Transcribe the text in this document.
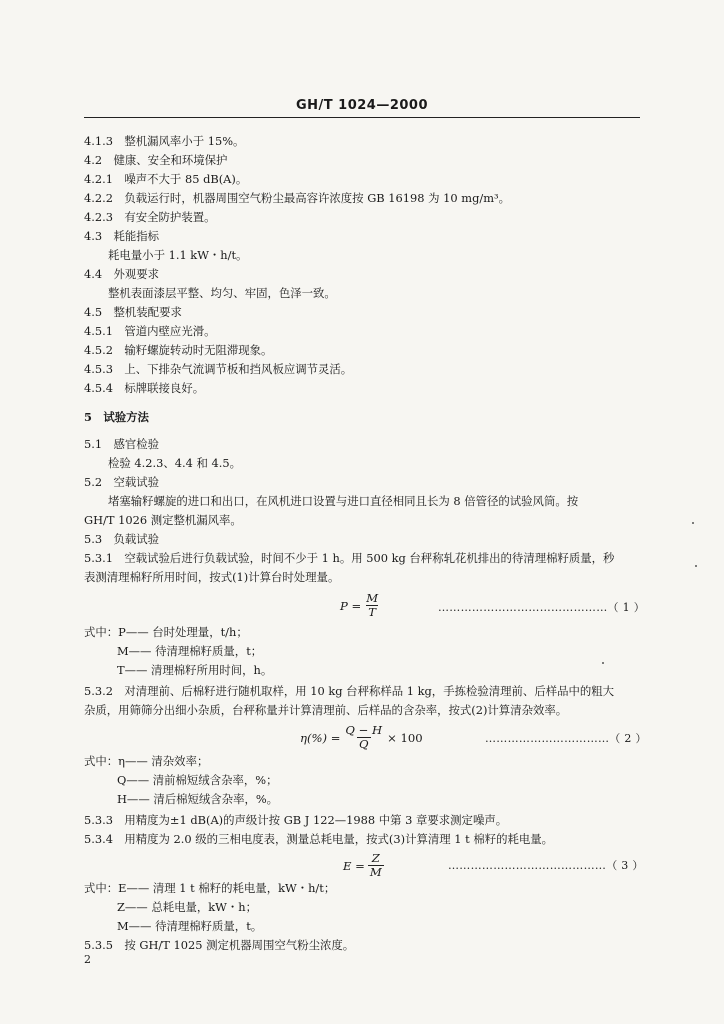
GH/T 1024—2000
4.1.3　整机漏风率小于 15%。
4.2　健康、安全和环境保护
4.2.1　噪声不大于 85 dB(A)。
4.2.2　负载运行时，机器周围空气粉尘最高容许浓度按 GB 16198 为 10 mg/m³。
4.2.3　有安全防护装置。
4.3　耗能指标
耗电量小于 1.1 kW・h/t。
4.4　外观要求
整机表面漆层平整、均匀、牢固，色泽一致。
4.5　整机装配要求
4.5.1　管道内壁应光滑。
4.5.2　输籽螺旋转动时无阻滞现象。
4.5.3　上、下排杂气流调节板和挡风板应调节灵活。
4.5.4　标牌联接良好。
5　试验方法
5.1　感官检验
检验 4.2.3、4.4 和 4.5。
5.2　空载试验
堵塞输籽螺旋的进口和出口，在风机进口设置与进口直径相同且长为 8 倍管径的试验风筒。按
GH/T 1026 测定整机漏风率。
5.3　负载试验
5.3.1　空载试验后进行负载试验，时间不少于 1 h。用 500 kg 台秤称轧花机排出的待清理棉籽质量，秒
表测清理棉籽所用时间，按式(1)计算台时处理量。
$P = \frac{M}{T}$	………………………………………（ 1 ）
式中：P—— 台时处理量，t/h；
M—— 待清理棉籽质量，t；
T—— 清理棉籽所用时间，h。
5.3.2　对清理前、后棉籽进行随机取样，用 10 kg 台秤称样品 1 kg，手拣检验清理前、后样品中的粗大
杂质，用筛筛分出细小杂质，台秤称量并计算清理前、后样品的含杂率，按式(2)计算清杂效率。
$\eta(\%) = \frac{Q - H}{Q} \times 100$	……………………………（ 2 ）
式中：η—— 清杂效率；
Q—— 清前棉短绒含杂率，%；
H—— 清后棉短绒含杂率，%。
5.3.3　用精度为±1 dB(A)的声级计按 GB J 122—1988 中第 3 章要求测定噪声。
5.3.4　用精度为 2.0 级的三相电度表，测量总耗电量，按式(3)计算清理 1 t 棉籽的耗电量。
$E = \frac{Z}{M}$	……………………………………（ 3 ）
式中：E—— 清理 1 t 棉籽的耗电量，kW・h/t；
Z—— 总耗电量，kW・h；
M—— 待清理棉籽质量，t。
5.3.5　按 GH/T 1025 测定机器周围空气粉尘浓度。
2
